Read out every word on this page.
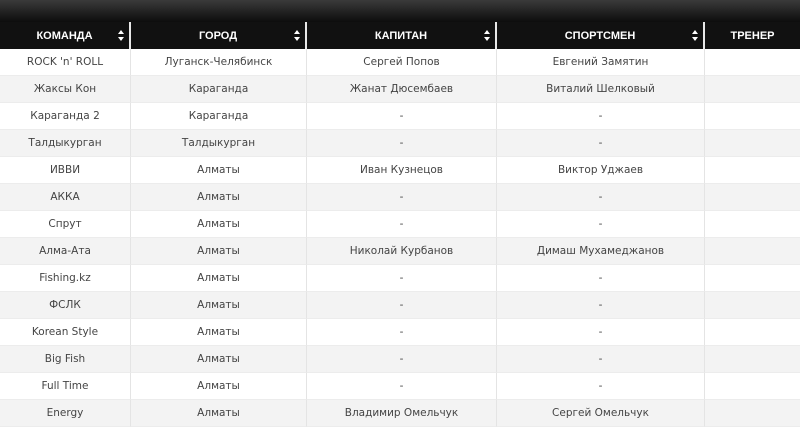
КОМАНДА	ГОРОД	КАПИТАН	СПОРТСМЕН	ТРЕНЕР
ROCK 'n' ROLL	Луганск-Челябинск	Сергей Попов	Евгений Замятин	
Жаксы Кон	Караганда	Жанат Дюсембаев	Виталий Шелковый	
Караганда 2	Караганда	-	-	
Талдыкурган	Талдыкурган	-	-	
ИВВИ	Алматы	Иван Кузнецов	Виктор Уджаев	
АККА	Алматы	-	-	
Спрут	Алматы	-	-	
Алма-Ата	Алматы	Николай Курбанов	Димаш Мухамеджанов	
Fishing.kz	Алматы	-	-	
ФСЛК	Алматы	-	-	
Korean Style	Алматы	-	-	
Big Fish	Алматы	-	-	
Full Time	Алматы	-	-	
Energy	Алматы	Владимир Омельчук	Сергей Омельчук	
